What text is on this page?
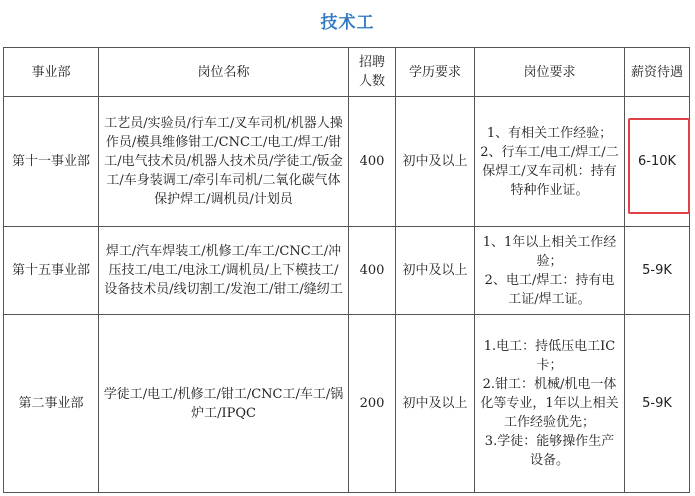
技术工
事业部	岗位名称	招聘人数	学历要求	岗位要求	薪资待遇
第十一事业部	工艺员/实验员/行车工/叉车司机/机器人操作员/模具维修钳工/CNC工/电工/焊工/钳工/电气技术员/机器人技术员/学徒工/钣金工/车身装调工/牵引车司机/二氧化碳气体保护焊工/调机员/计划员	400	初中及以上	1、有相关工作经验；
2、行车工/电工/焊工/二保焊工/叉车司机：持有特种作业证。	6-10K
第十五事业部	焊工/汽车焊装工/机修工/车工/CNC工/冲压技工/电工/电泳工/调机员/上下模技工/设备技术员/线切割工/发泡工/钳工/缝纫工	400	初中及以上	1、1年以上相关工作经验；
2、电工/焊工：持有电工证/焊工证。	5-9K
第二事业部	学徒工/电工/机修工/钳工/CNC工/车工/锅炉工/IPQC	200	初中及以上	1.电工：持低压电工IC卡；
2.钳工：机械/机电一体化等专业，1年以上相关工作经验优先；
3.学徒：能够操作生产设备。	5-9K
